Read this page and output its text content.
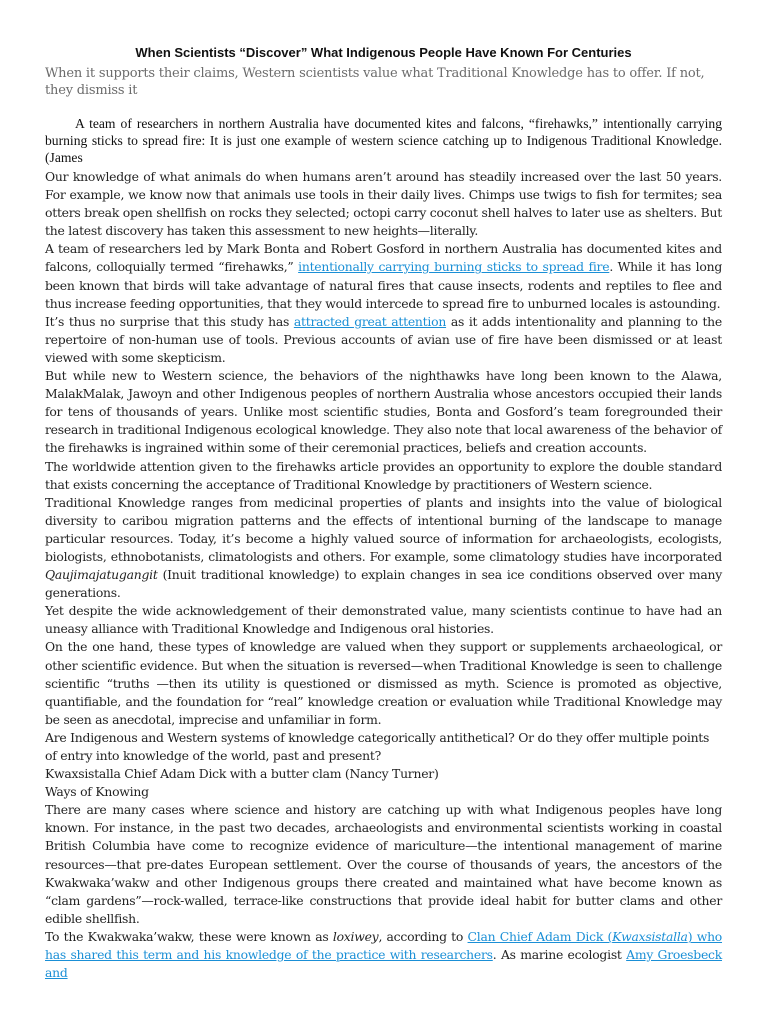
When Scientists “Discover” What Indigenous People Have Known For Centuries
When it supports their claims, Western scientists value what Traditional Knowledge has to offer. If not, they dismiss it

A team of researchers in northern Australia have documented kites and falcons, “firehawks,” intentionally carrying burning sticks to spread fire: It is just one example of western science catching up to Indigenous Traditional Knowledge. (James

Our knowledge of what animals do when humans aren’t around has steadily increased over the last 50 years. For example, we know now that animals use tools in their daily lives. Chimps use twigs to fish for termites; sea otters break open shellfish on rocks they selected; octopi carry coconut shell halves to later use as shelters. But the latest discovery has taken this assessment to new heights—literally.

A team of researchers led by Mark Bonta and Robert Gosford in northern Australia has documented kites and falcons, colloquially termed “firehawks,” intentionally carrying burning sticks to spread fire. While it has long been known that birds will take advantage of natural fires that cause insects, rodents and reptiles to flee and thus increase feeding opportunities, that they would intercede to spread fire to unburned locales is astounding.

It’s thus no surprise that this study has attracted great attention as it adds intentionality and planning to the repertoire of non-human use of tools. Previous accounts of avian use of fire have been dismissed or at least viewed with some skepticism.

But while new to Western science, the behaviors of the nighthawks have long been known to the Alawa, MalakMalak, Jawoyn and other Indigenous peoples of northern Australia whose ancestors occupied their lands for tens of thousands of years. Unlike most scientific studies, Bonta and Gosford’s team foregrounded their research in traditional Indigenous ecological knowledge. They also note that local awareness of the behavior of the firehawks is ingrained within some of their ceremonial practices, beliefs and creation accounts.

The worldwide attention given to the firehawks article provides an opportunity to explore the double standard that exists concerning the acceptance of Traditional Knowledge by practitioners of Western science.

Traditional Knowledge ranges from medicinal properties of plants and insights into the value of biological diversity to caribou migration patterns and the effects of intentional burning of the landscape to manage particular resources. Today, it’s become a highly valued source of information for archaeologists, ecologists, biologists, ethnobotanists, climatologists and others. For example, some climatology studies have incorporated Qaujimajatugangit (Inuit traditional knowledge) to explain changes in sea ice conditions observed over many generations.

Yet despite the wide acknowledgement of their demonstrated value, many scientists continue to have had an uneasy alliance with Traditional Knowledge and Indigenous oral histories.

On the one hand, these types of knowledge are valued when they support or supplements archaeological, or other scientific evidence. But when the situation is reversed—when Traditional Knowledge is seen to challenge scientific “truths —then its utility is questioned or dismissed as myth. Science is promoted as objective, quantifiable, and the foundation for “real” knowledge creation or evaluation while Traditional Knowledge may be seen as anecdotal, imprecise and unfamiliar in form.

Are Indigenous and Western systems of knowledge categorically antithetical? Or do they offer multiple points of entry into knowledge of the world, past and present?

Kwaxsistalla Chief Adam Dick with a butter clam (Nancy Turner)

Ways of Knowing

There are many cases where science and history are catching up with what Indigenous peoples have long known. For instance, in the past two decades, archaeologists and environmental scientists working in coastal British Columbia have come to recognize evidence of mariculture—the intentional management of marine resources—that pre-dates European settlement. Over the course of thousands of years, the ancestors of the Kwakwaka’wakw and other Indigenous groups there created and maintained what have become known as “clam gardens”—rock-walled, terrace-like constructions that provide ideal habit for butter clams and other edible shellfish.

To the Kwakwaka’wakw, these were known as loxiwey, according to Clan Chief Adam Dick (Kwaxsistalla) who has shared this term and his knowledge of the practice with researchers. As marine ecologist Amy Groesbeck and
